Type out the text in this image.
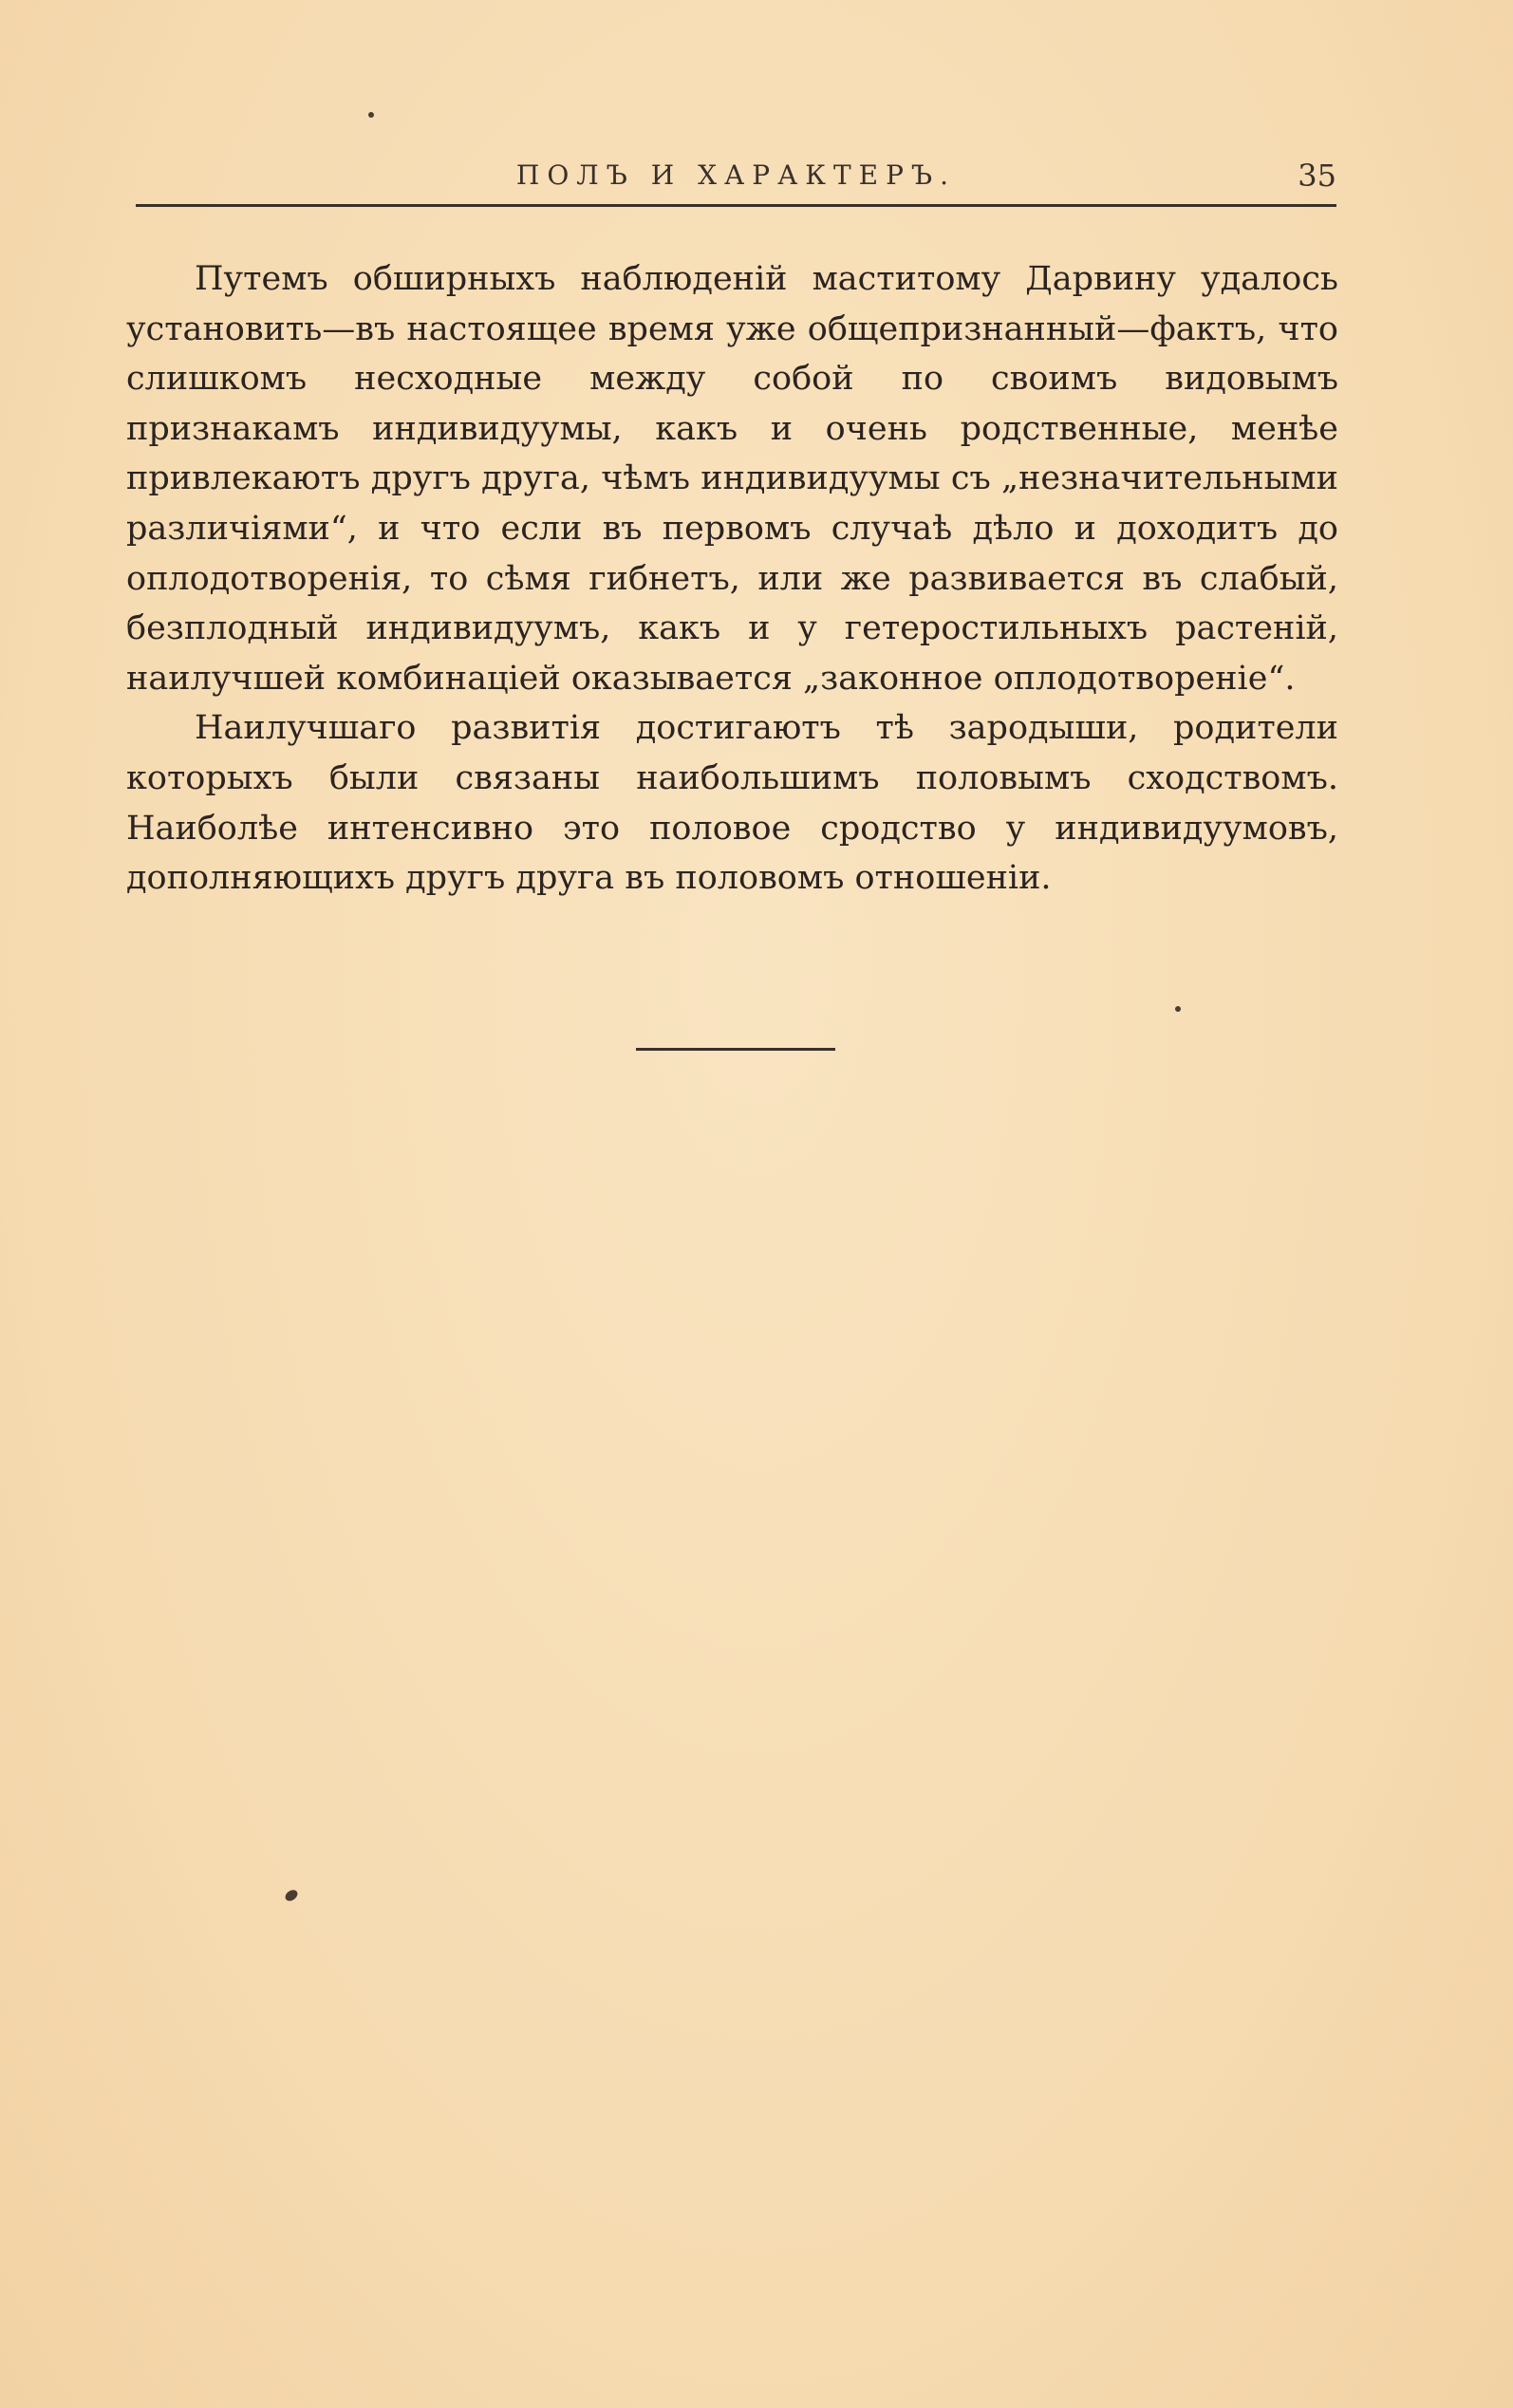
ПОЛЪ И ХАРАКТЕРЪ.	35

Путемъ обширныхъ наблюденій маститому Дарвину удалось установить—въ настоящее время уже общепризнанный—фактъ, что слишкомъ несходные между собой по своимъ видовымъ признакамъ индивидуумы, какъ и очень родственные, менѣе привлекаютъ другъ друга, чѣмъ индивидуумы съ „незначительными различіями“, и что если въ первомъ случаѣ дѣло и доходитъ до оплодотворенія, то сѣмя гибнетъ, или же развивается въ слабый, безплодный индивидуумъ, какъ и у гетеростильныхъ растеній, наилучшей комбинаціей оказывается „законное оплодотвореніе“.

Наилучшаго развитія достигаютъ тѣ зародыши, родители которыхъ были связаны наибольшимъ половымъ сходствомъ. Наиболѣе интенсивно это половое сродство у индивидуумовъ, дополняющихъ другъ друга въ половомъ отношеніи.
